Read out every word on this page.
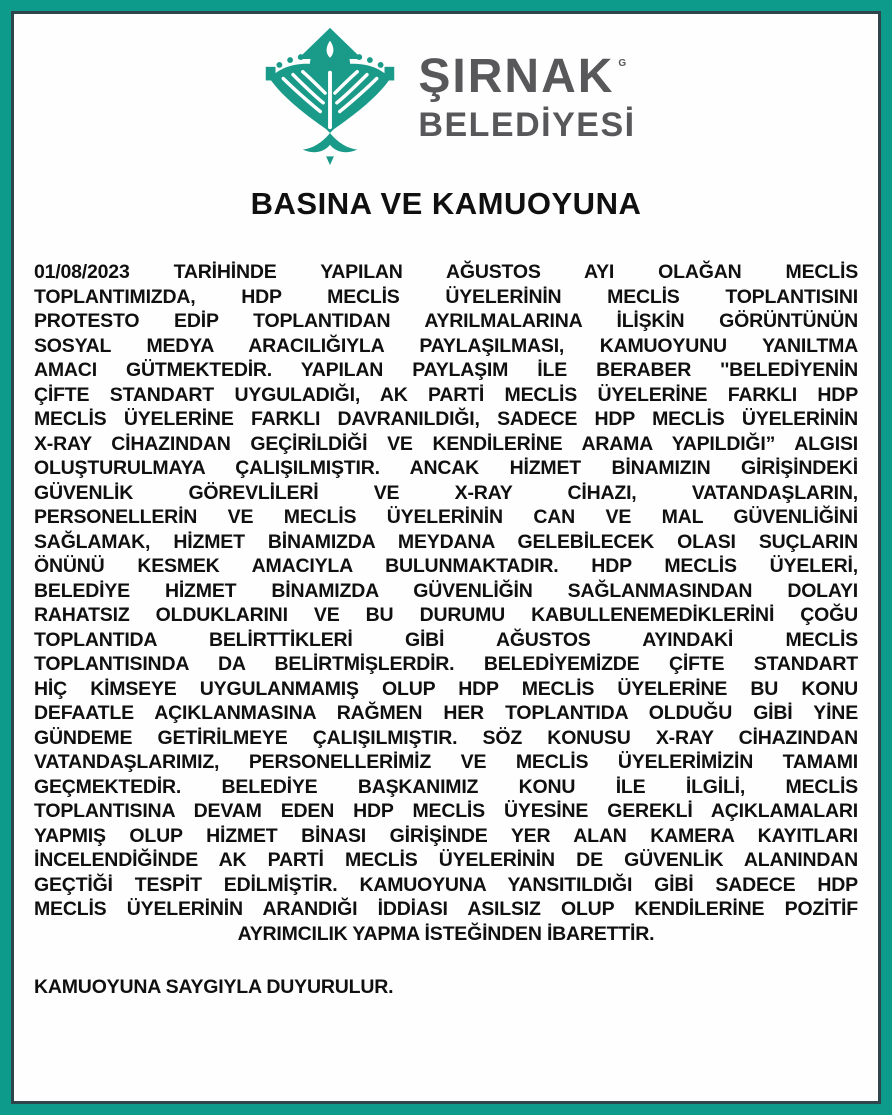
ŞIRNAK G
BELEDİYESİ
BASINA VE KAMUOYUNA

01/08/2023 TARİHİNDE YAPILAN AĞUSTOS AYI OLAĞAN MECLİS

TOPLANTIMIZDA, HDP MECLİS ÜYELERİNİN MECLİS TOPLANTISINI

PROTESTO EDİP TOPLANTIDAN AYRILMALARINA İLİŞKİN GÖRÜNTÜNÜN

SOSYAL MEDYA ARACILIĞIYLA PAYLAŞILMASI, KAMUOYUNU YANILTMA

AMACI GÜTMEKTEDİR. YAPILAN PAYLAŞIM İLE BERABER ''BELEDİYENİN

ÇİFTE STANDART UYGULADIĞI, AK PARTİ MECLİS ÜYELERİNE FARKLI HDP

MECLİS ÜYELERİNE FARKLI DAVRANILDIĞI, SADECE HDP MECLİS ÜYELERİNİN

X-RAY CİHAZINDAN GEÇİRİLDİĞİ VE KENDİLERİNE ARAMA YAPILDIĞI” ALGISI

OLUŞTURULMAYA ÇALIŞILMIŞTIR. ANCAK HİZMET BİNAMIZIN GİRİŞİNDEKİ

GÜVENLİK GÖREVLİLERİ VE X-RAY CİHAZI, VATANDAŞLARIN,

PERSONELLERİN VE MECLİS ÜYELERİNİN CAN VE MAL GÜVENLİĞİNİ

SAĞLAMAK, HİZMET BİNAMIZDA MEYDANA GELEBİLECEK OLASI SUÇLARIN

ÖNÜNÜ KESMEK AMACIYLA BULUNMAKTADIR. HDP MECLİS ÜYELERİ,

BELEDİYE HİZMET BİNAMIZDA GÜVENLİĞİN SAĞLANMASINDAN DOLAYI

RAHATSIZ OLDUKLARINI VE BU DURUMU KABULLENEMEDİKLERİNİ ÇOĞU

TOPLANTIDA BELİRTTİKLERİ GİBİ AĞUSTOS AYINDAKİ MECLİS

TOPLANTISINDA DA BELİRTMİŞLERDİR. BELEDİYEMİZDE ÇİFTE STANDART

HİÇ KİMSEYE UYGULANMAMIŞ OLUP HDP MECLİS ÜYELERİNE BU KONU

DEFAATLE AÇIKLANMASINA RAĞMEN HER TOPLANTIDA OLDUĞU GİBİ YİNE

GÜNDEME GETİRİLMEYE ÇALIŞILMIŞTIR. SÖZ KONUSU X-RAY CİHAZINDAN

VATANDAŞLARIMIZ, PERSONELLERİMİZ VE MECLİS ÜYELERİMİZİN TAMAMI

GEÇMEKTEDİR. BELEDİYE BAŞKANIMIZ KONU İLE İLGİLİ, MECLİS

TOPLANTISINA DEVAM EDEN HDP MECLİS ÜYESİNE GEREKLİ AÇIKLAMALARI

YAPMIŞ OLUP HİZMET BİNASI GİRİŞİNDE YER ALAN KAMERA KAYITLARI

İNCELENDİĞİNDE AK PARTİ MECLİS ÜYELERİNİN DE GÜVENLİK ALANINDAN

GEÇTİĞİ TESPİT EDİLMİŞTİR. KAMUOYUNA YANSITILDIĞI GİBİ SADECE HDP

MECLİS ÜYELERİNİN ARANDIĞI İDDİASI ASILSIZ OLUP KENDİLERİNE POZİTİF

AYRIMCILIK YAPMA İSTEĞİNDEN İBARETTİR.

KAMUOYUNA SAYGIYLA DUYURULUR.
